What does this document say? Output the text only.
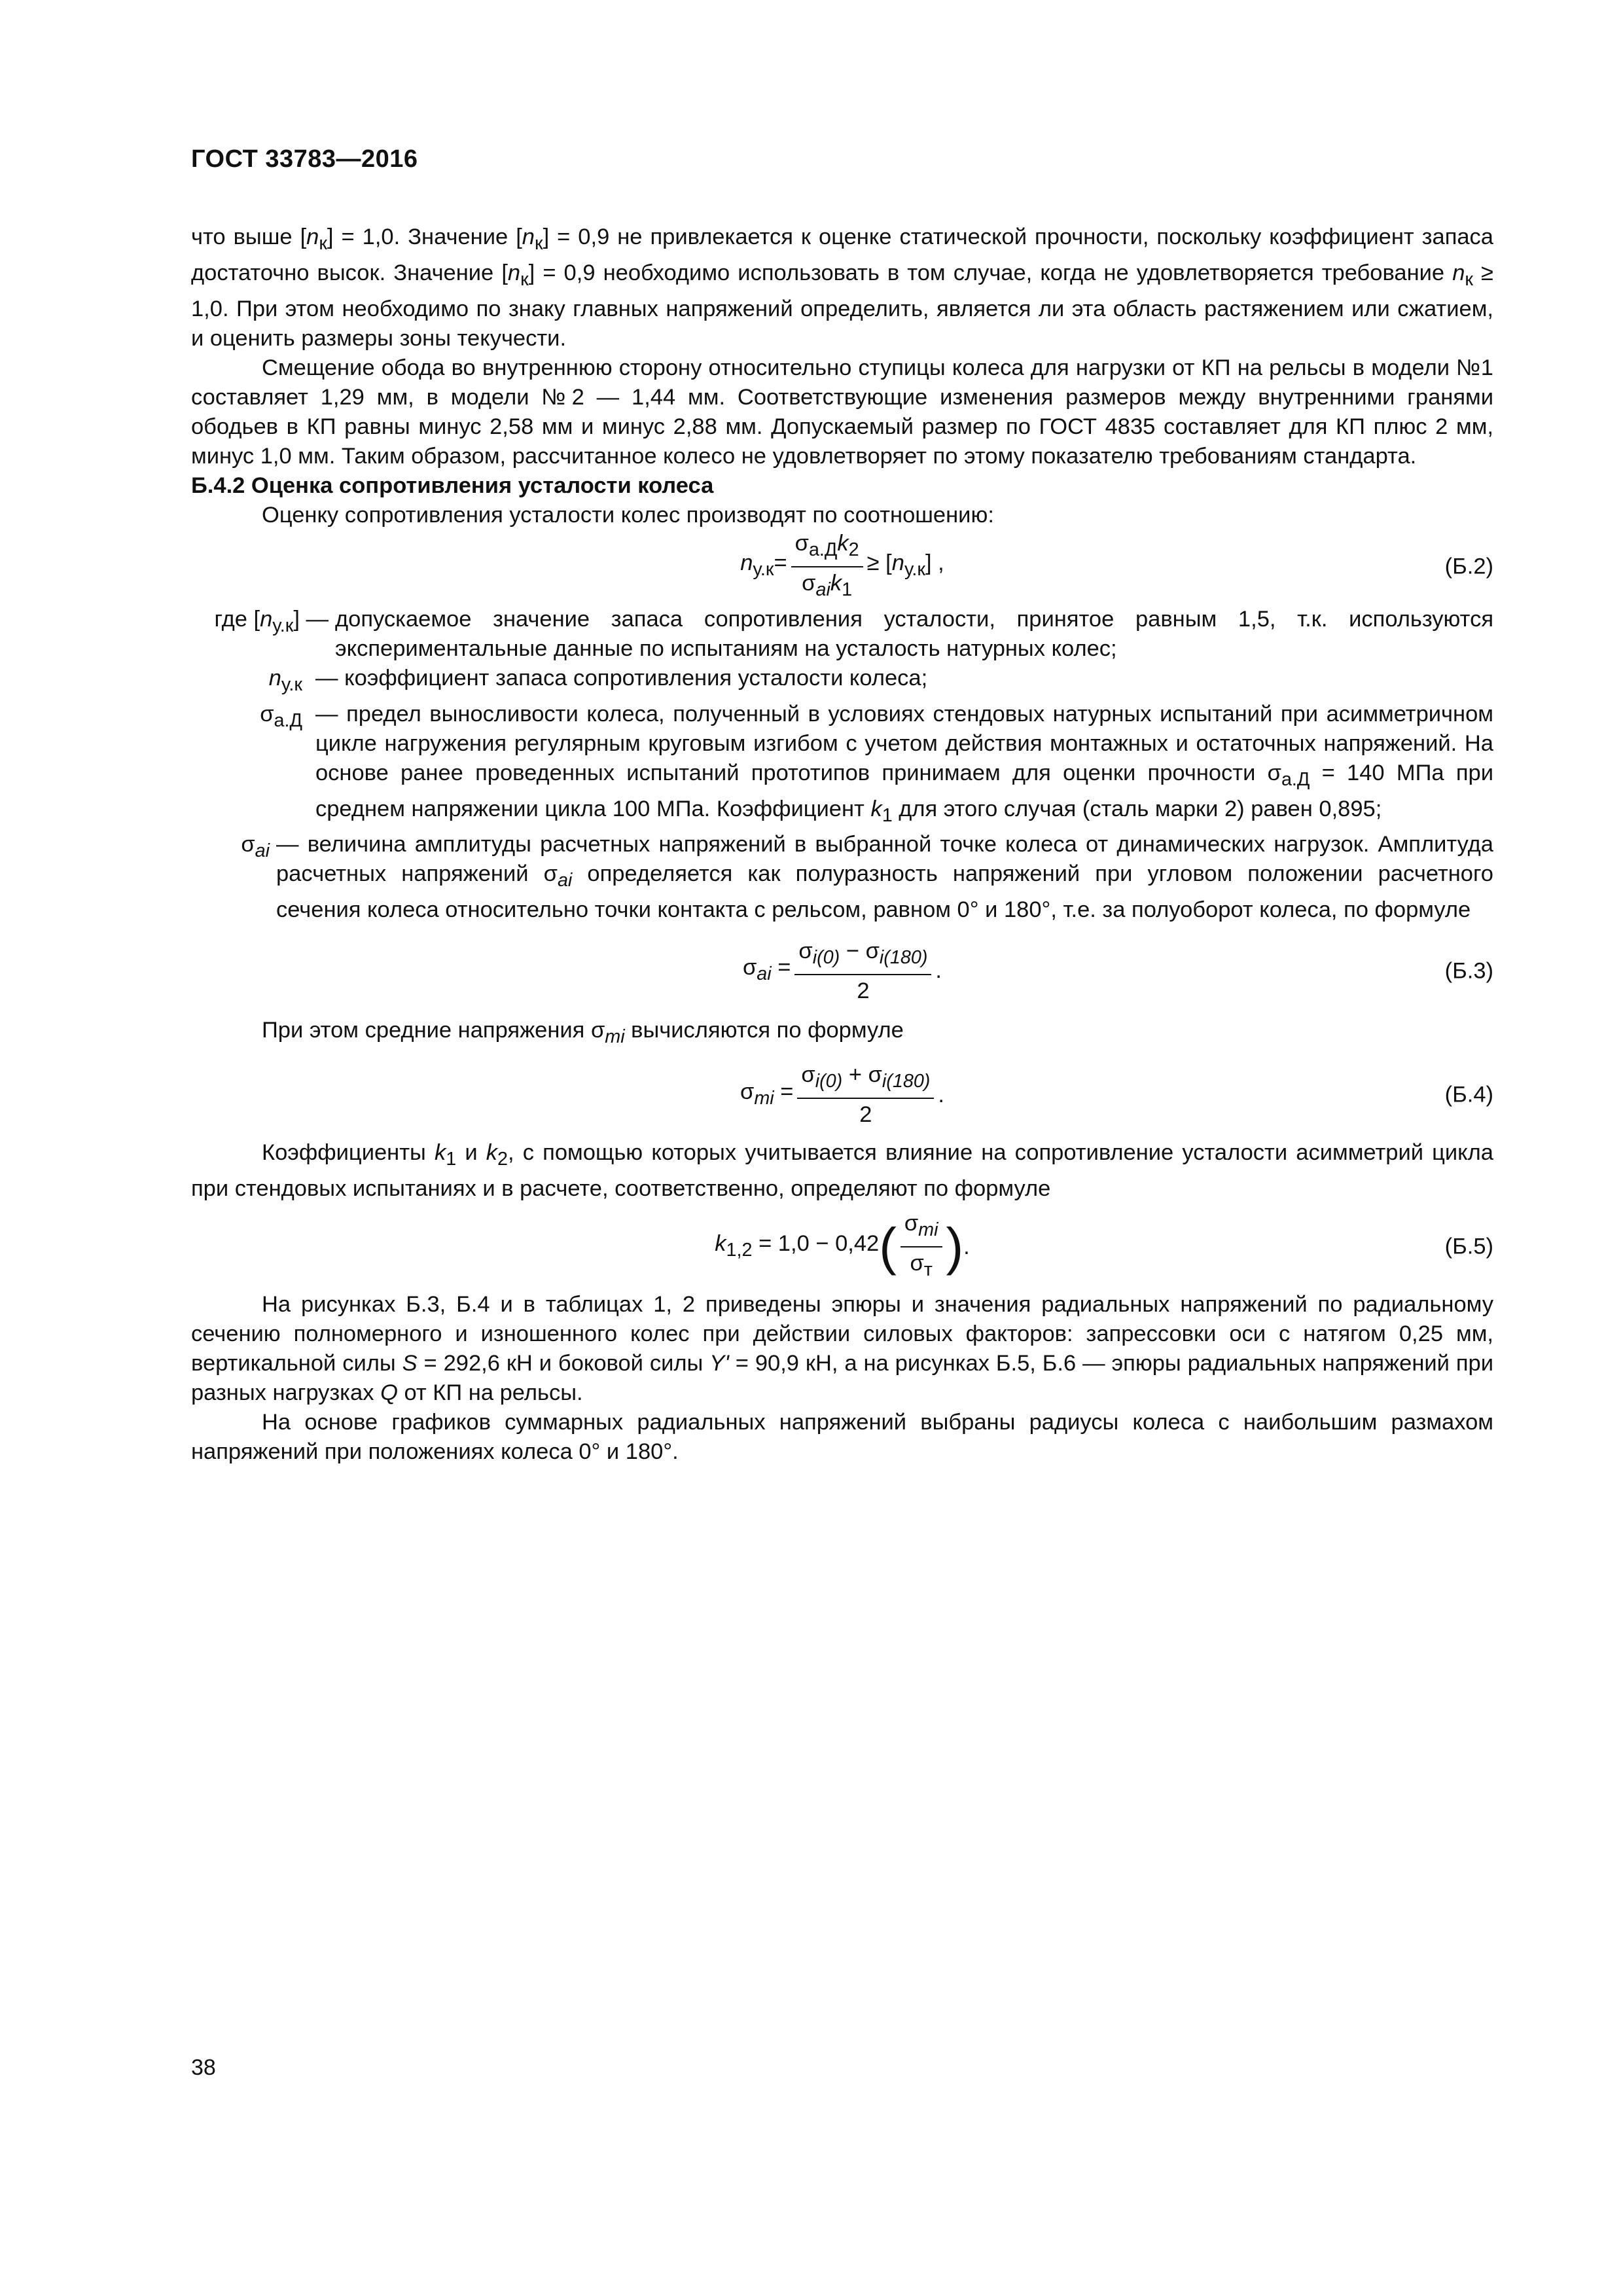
ГОСТ 33783—2016

что выше $[n_к] = 1,0$. Значение $[n_к] = 0,9$ не привлекается к оценке статической прочности, поскольку коэффициент запаса достаточно высок. Значение $[n_к] = 0,9$ необходимо использовать в том случае, когда не удовлетворяется требование $n_к \ge 1,0$. При этом необходимо по знаку главных напряжений определить, является ли эта область растяжением или сжатием, и оценить размеры зоны текучести.

Смещение обода во внутреннюю сторону относительно ступицы колеса для нагрузки от КП на рельсы в модели №1 составляет 1,29 мм, в модели №2 — 1,44 мм. Соответствующие изменения размеров между внутренними гранями ободьев в КП равны минус 2,58 мм и минус 2,88 мм. Допускаемый размер по ГОСТ 4835 составляет для КП плюс 2 мм, минус 1,0 мм. Таким образом, рассчитанное колесо не удовлетворяет по этому показателю требованиям стандарта.

Б.4.2 Оценка сопротивления усталости колеса

Оценку сопротивления усталости колес производят по соотношению:

$n_{у.к}= \frac{\sigma_{а.Д}k_2}{\sigma_{ai}k_1} \ge [n_{у.к}]$ ,	(Б.2)
где $[n_{у.к}]$ — допускаемое значение запаса сопротивления усталости, принятое равным 1,5, т.к. используются экспериментальные данные по испытаниям на усталость натурных колес;
$n_{у.к}$ — коэффициент запаса сопротивления усталости колеса;
$\sigma_{а.Д}$ — предел выносливости колеса, полученный в условиях стендовых натурных испытаний при асимметричном цикле нагружения регулярным круговым изгибом с учетом действия монтажных и остаточных напряжений. На основе ранее проведенных испытаний прототипов принимаем для оценки прочности $\sigma_{а.Д} = 140$ МПа при среднем напряжении цикла 100 МПа. Коэффициент $k_1$ для этого случая (сталь марки 2) равен 0,895;
$\sigma_{ai}$ — величина амплитуды расчетных напряжений в выбранной точке колеса от динамических нагрузок. Амплитуда расчетных напряжений $\sigma_{ai}$ определяется как полуразность напряжений при угловом положении расчетного сечения колеса относительно точки контакта с рельсом, равном 0° и 180°, т.е. за полуоборот колеса, по формуле
$\sigma_{ai} = \frac{\sigma_{i(0)} - \sigma_{i(180)}}{2}$ .	(Б.3)

При этом средние напряжения $\sigma_{mi}$ вычисляются по формуле

$\sigma_{mi} = \frac{\sigma_{i(0)} + \sigma_{i(180)}}{2}$ .	(Б.4)

Коэффициенты $k_1$ и $k_2$, с помощью которых учитывается влияние на сопротивление усталости асимметрий цикла при стендовых испытаниях и в расчете, соответственно, определяют по формуле

$k_{1,2} = 1,0 - 0,42$ ( $\frac{\sigma_{mi}}{\sigma_т}$ ) .	(Б.5)

На рисунках Б.3, Б.4 и в таблицах 1, 2 приведены эпюры и значения радиальных напряжений по радиальному сечению полномерного и изношенного колес при действии силовых факторов: запрессовки оси с натягом 0,25 мм, вертикальной силы S = 292,6 кН и боковой силы Y' = 90,9 кН, а на рисунках Б.5, Б.6 — эпюры радиальных напряжений при разных нагрузках Q от КП на рельсы.

На основе графиков суммарных радиальных напряжений выбраны радиусы колеса с наибольшим размахом напряжений при положениях колеса 0° и 180°.

38
